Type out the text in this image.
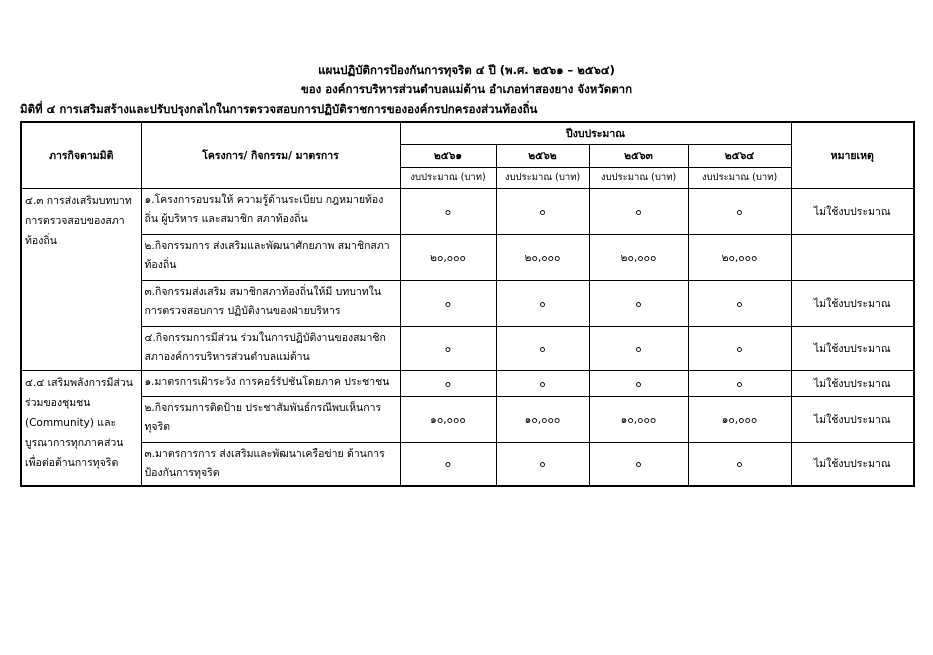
แผนปฏิบัติการป้องกันการทุจริต ๔ ปี (พ.ศ. ๒๕๖๑ – ๒๕๖๔)
ของ องค์การบริหารส่วนตำบลแม่ต้าน อำเภอท่าสองยาง จังหวัดตาก
มิติที่ ๔ การเสริมสร้างและปรับปรุงกลไกในการตรวจสอบการปฏิบัติราชการขององค์กรปกครองส่วนท้องถิ่น
ภารกิจตามมิติ	โครงการ/ กิจกรรม/ มาตรการ	ปีงบประมาณ				หมายเหตุ
		๒๕๖๑	๒๕๖๒	๒๕๖๓	๒๕๖๔	
		งบประมาณ (บาท)	งบประมาณ (บาท)	งบประมาณ (บาท)	งบประมาณ (บาท)	
๔.๓ การส่งเสริมบทบาทการตรวจสอบของสภาท้องถิ่น	๑.โครงการอบรมให้ ความรู้ด้านระเบียบ กฎหมายท้องถิ่น ผู้บริหาร และสมาชิก สภาท้องถิ่น	๐	๐	๐	๐	ไม่ใช้งบประมาณ
	๒.กิจกรรมการ ส่งเสริมและพัฒนาศักยภาพ สมาชิกสภาท้องถิ่น	๒๐,๐๐๐	๒๐,๐๐๐	๒๐,๐๐๐	๒๐,๐๐๐	
	๓.กิจกรรมส่งเสริม สมาชิกสภาท้องถิ่นให้มี บทบาทในการตรวจสอบการ ปฏิบัติงานของฝ่ายบริหาร	๐	๐	๐	๐	ไม่ใช้งบประมาณ
	๔.กิจกรรมการมีส่วน ร่วมในการปฏิบัติงานของสมาชิกสภาองค์การบริหารส่วนตำบลแม่ต้าน	๐	๐	๐	๐	ไม่ใช้งบประมาณ
๔.๔ เสริมพลังการมีส่วนร่วมของชุมชน (Community) และบูรณาการทุกภาคส่วนเพื่อต่อต้านการทุจริต	๑.มาตรการเฝ้าระวัง การคอร์รัปชันโดยภาค ประชาชน	๐	๐	๐	๐	ไม่ใช้งบประมาณ
	๒.กิจกรรมการติดป้าย ประชาสัมพันธ์กรณีพบเห็นการ ทุจริต	๑๐,๐๐๐	๑๐,๐๐๐	๑๐,๐๐๐	๑๐,๐๐๐	ไม่ใช้งบประมาณ
	๓.มาตรการการ ส่งเสริมและพัฒนาเครือข่าย ด้านการป้องกันการทุจริต	๐	๐	๐	๐	ไม่ใช้งบประมาณ
